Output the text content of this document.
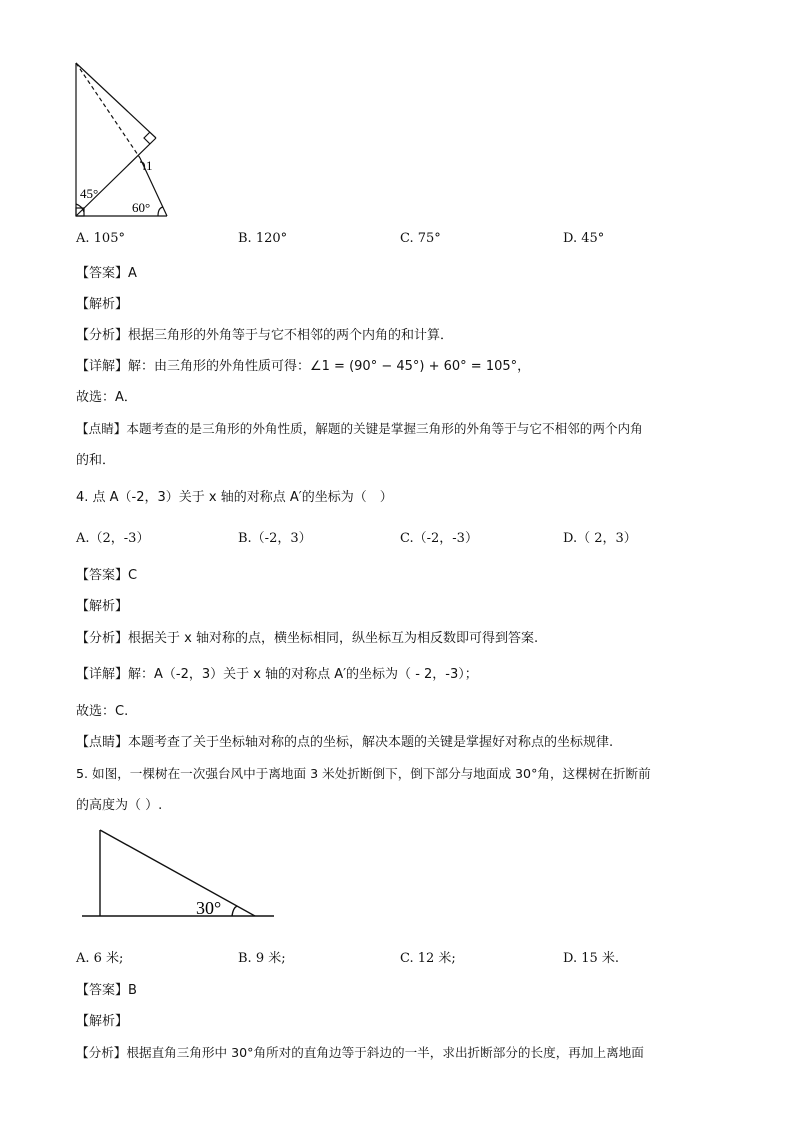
45°
60°
1
A. 105°	B. 120°	C. 75°	D. 45°
【答案】A
【解析】
【分析】根据三角形的外角等于与它不相邻的两个内角的和计算．
【详解】解：由三角形的外角性质可得：∠1 = (90° − 45°) + 60° = 105°，
故选：A．
【点睛】本题考查的是三角形的外角性质，解题的关键是掌握三角形的外角等于与它不相邻的两个内角
的和．
4. 点 A（-2，3）关于 x 轴的对称点 A′的坐标为（　）
A.（2，-3）	B.（-2，3）	C.（-2，-3）	D.（ 2，3）
【答案】C
【解析】
【分析】根据关于 x 轴对称的点，横坐标相同，纵坐标互为相反数即可得到答案.
【详解】解：A（-2，3）关于 x 轴的对称点 A′的坐标为（ - 2，-3）；
故选：C.
【点睛】本题考查了关于坐标轴对称的点的坐标，解决本题的关键是掌握好对称点的坐标规律.
5. 如图，一棵树在一次强台风中于离地面 3 米处折断倒下，倒下部分与地面成 30°角，这棵树在折断前
的高度为（ ）.
30°
A. 6 米;	B. 9 米;	C. 12 米;	D. 15 米.
【答案】B
【解析】
【分析】根据直角三角形中 30°角所对的直角边等于斜边的一半，求出折断部分的长度，再加上离地面
